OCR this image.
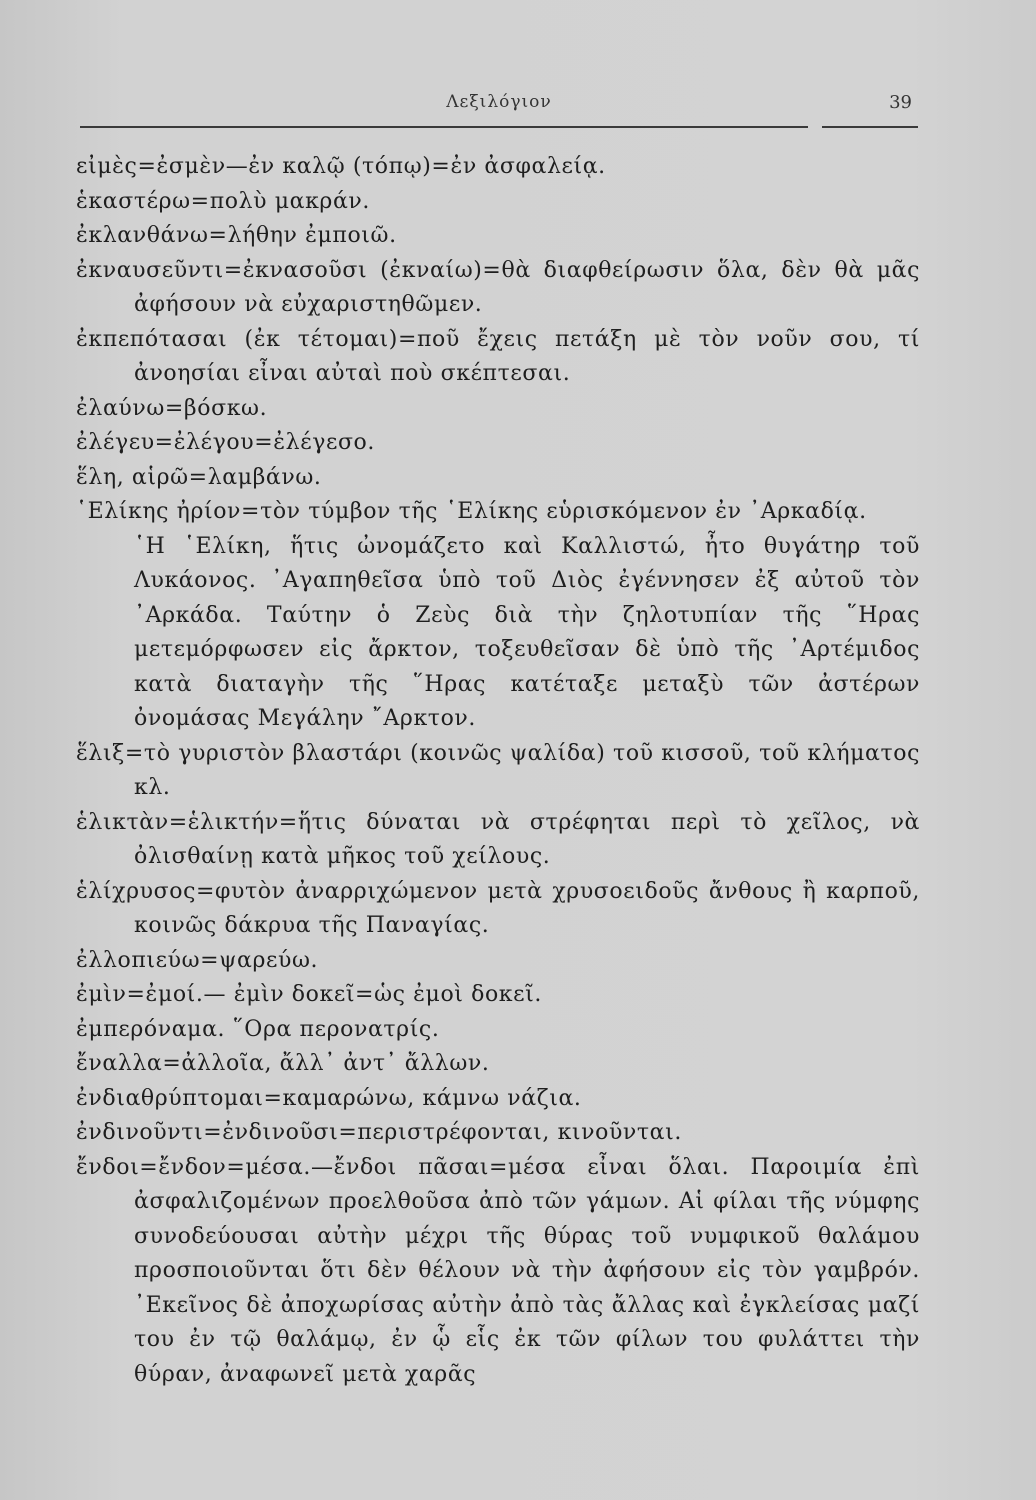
Λεξιλόγιον	39

εἰμὲς=ἐσμὲν—ἐν καλῷ (τόπῳ)=ἐν ἀσφαλείᾳ.

ἑκαστέρω=πολὺ μακράν.

ἐκλανθάνω=λήθην ἐμποιῶ.

ἐκναυσεῦντι=ἐκνασοῦσι (ἐκναίω)=θὰ διαφθείρωσιν ὅλα, δὲν θὰ μᾶς ἀφήσουν νὰ εὐχαριστηθῶμεν.

ἐκπεπότασαι (ἐκ τέτομαι)=ποῦ ἔχεις πετάξη μὲ τὸν νοῦν σου, τί ἀνοησίαι εἶναι αὐταὶ ποὺ σκέπτεσαι.

ἐλαύνω=βόσκω.

ἐλέγευ=ἐλέγου=ἐλέγεσο.

ἕλη, αἱρῶ=λαμβάνω.

῾Ελίκης ἠρίον=τὸν τύμβον τῆς ῾Ελίκης εὑρισκόμενον ἐν ᾿Αρκαδίᾳ.

῾Η ῾Ελίκη, ἥτις ὠνομάζετο καὶ Καλλιστώ, ἦτο θυγάτηρ τοῦ Λυκάονος. ᾿Αγαπηθεῖσα ὑπὸ τοῦ Διὸς ἐγέννησεν ἐξ αὐτοῦ τὸν ᾿Αρκάδα. Ταύτην ὁ Ζεὺς διὰ τὴν ζηλοτυπίαν τῆς ῞Ηρας μετεμόρφωσεν εἰς ἄρκτον, τοξευθεῖσαν δὲ ὑπὸ τῆς ᾿Αρτέμιδος κατὰ διαταγὴν τῆς ῞Ηρας κατέταξε μεταξὺ τῶν ἀστέρων ὀνομάσας Μεγάλην ῎Αρκτον.

ἕλιξ=τὸ γυριστὸν βλαστάρι (κοινῶς ψαλίδα) τοῦ κισσοῦ, τοῦ κλήματος κλ.

ἑλικτὰν=ἑλικτήν=ἥτις δύναται νὰ στρέφηται περὶ τὸ χεῖλος, νὰ ὀλισθαίνῃ κατὰ μῆκος τοῦ χείλους.

ἑλίχρυσος=φυτὸν ἀναρριχώμενον μετὰ χρυσοειδοῦς ἄνθους ἢ καρποῦ, κοινῶς δάκρυα τῆς Παναγίας.

ἐλλοπιεύω=ψαρεύω.

ἐμὶν=ἐμοί.— ἐμὶν δοκεῖ=ὡς ἐμοὶ δοκεῖ.

ἐμπερόναμα. ῞Ορα περονατρίς.

ἔναλλα=ἀλλοῖα, ἄλλ᾿ ἀντ᾿ ἄλλων.

ἐνδιαθρύπτομαι=καμαρώνω, κάμνω νάζια.

ἐνδινοῦντι=ἐνδινοῦσι=περιστρέφονται, κινοῦνται.

ἔνδοι=ἔνδον=μέσα.—ἔνδοι πᾶσαι=μέσα εἶναι ὅλαι. Παροιμία ἐπὶ ἀσφαλιζομένων προελθοῦσα ἀπὸ τῶν γάμων. Αἱ φίλαι τῆς νύμφης συνοδεύουσαι αὐτὴν μέχρι τῆς θύρας τοῦ νυμφικοῦ θαλάμου προσποιοῦνται ὅτι δὲν θέλουν νὰ τὴν ἀφήσουν εἰς τὸν γαμβρόν. ᾿Εκεῖνος δὲ ἀποχωρίσας αὐτὴν ἀπὸ τὰς ἄλλας καὶ ἐγκλείσας μαζί του ἐν τῷ θαλάμῳ, ἐν ᾧ εἷς ἐκ τῶν φίλων του φυλάττει τὴν θύραν, ἀναφωνεῖ μετὰ χαρᾶς
